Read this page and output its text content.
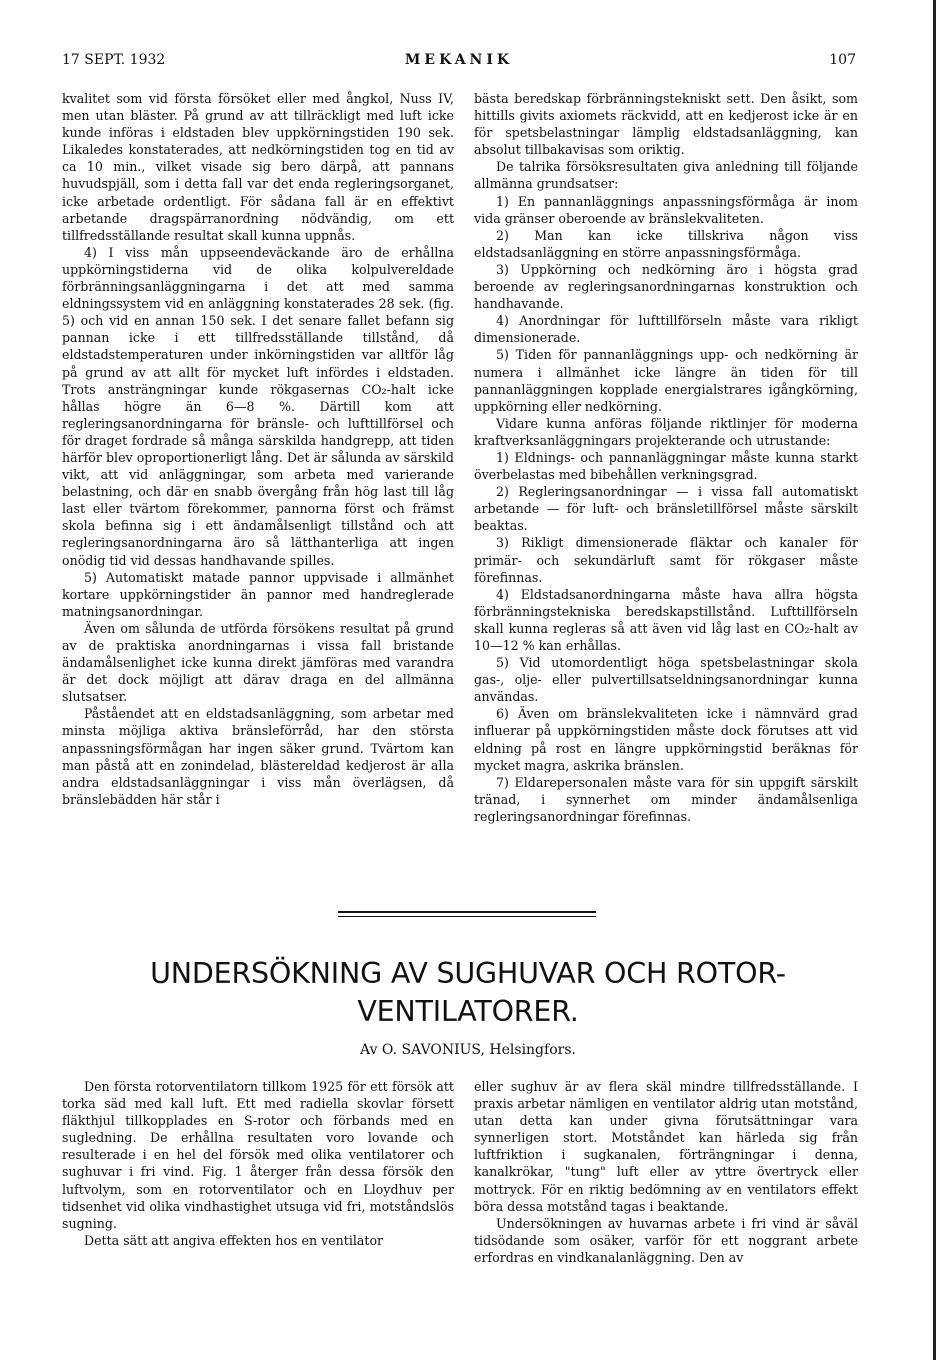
17 SEPT. 1932	MEKANIK	107

kvalitet som vid första försöket eller med ångkol, Nuss IV, men utan bläster. På grund av att tillräckligt med luft icke kunde införas i eldstaden blev uppkörningstiden 190 sek. Likaledes konstaterades, att nedkörningstiden tog en tid av ca 10 min., vilket visade sig bero därpå, att pannans huvudspjäll, som i detta fall var det enda regleringsorganet, icke arbetade ordentligt. För sådana fall är en effektivt arbetande dragspärranordning nödvändig, om ett tillfredsställande resultat skall kunna uppnås.

4) I viss mån uppseendeväckande äro de erhållna uppkörningstiderna vid de olika kolpulvereldade förbränningsanläggningarna i det att med samma eldningssystem vid en anläggning konstaterades 28 sek. (fig. 5) och vid en annan 150 sek. I det senare fallet befann sig pannan icke i ett tillfredsställande tillstånd, då eldstadstemperaturen under inkörningstiden var alltför låg på grund av att allt för mycket luft infördes i eldstaden. Trots ansträngningar kunde rökgasernas CO₂-halt icke hållas högre än 6—8 %. Därtill kom att regleringsanordningarna för bränsle- och lufttillförsel och för draget fordrade så många särskilda handgrepp, att tiden härför blev oproportionerligt lång. Det är sålunda av särskild vikt, att vid anläggningar, som arbeta med varierande belastning, och där en snabb övergång från hög last till låg last eller tvärtom förekommer, pannorna först och främst skola befinna sig i ett ändamålsenligt tillstånd och att regleringsanordningarna äro så lätthanterliga att ingen onödig tid vid dessas handhavande spilles.

5) Automatiskt matade pannor uppvisade i allmänhet kortare uppkörningstider än pannor med handreglerade matningsanordningar.

Även om sålunda de utförda försökens resultat på grund av de praktiska anordningarnas i vissa fall bristande ändamålsenlighet icke kunna direkt jämföras med varandra är det dock möjligt att därav draga en del allmänna slutsatser.

Påståendet att en eldstadsanläggning, som arbetar med minsta möjliga aktiva bränsleförråd, har den största anpassningsförmågan har ingen säker grund. Tvärtom kan man påstå att en zonindelad, blästereldad kedjerost är alla andra eldstadsanläggningar i viss mån överlägsen, då bränslebädden här står i

bästa beredskap förbränningstekniskt sett. Den åsikt, som hittills givits axiomets räckvidd, att en kedjerost icke är en för spetsbelastningar lämplig eldstadsanläggning, kan absolut tillbakavisas som oriktig.

De talrika försöksresultaten giva anledning till följande allmänna grundsatser:

1) En pannanläggnings anpassningsförmåga är inom vida gränser oberoende av bränslekvaliteten.

2) Man kan icke tillskriva någon viss eldstadsanläggning en större anpassningsförmåga.

3) Uppkörning och nedkörning äro i högsta grad beroende av regleringsanordningarnas konstruktion och handhavande.

4) Anordningar för lufttillförseln måste vara rikligt dimensionerade.

5) Tiden för pannanläggnings upp- och nedkörning är numera i allmänhet icke längre än tiden för till pannanläggningen kopplade energialstrares igångkörning, uppkörning eller nedkörning.

Vidare kunna anföras följande riktlinjer för moderna kraftverksanläggningars projekterande och utrustande:

1) Eldnings- och pannanläggningar måste kunna starkt överbelastas med bibehållen verkningsgrad.

2) Regleringsanordningar — i vissa fall automatiskt arbetande — för luft- och bränsletillförsel måste särskilt beaktas.

3) Rikligt dimensionerade fläktar och kanaler för primär- och sekundärluft samt för rökgaser måste förefinnas.

4) Eldstadsanordningarna måste hava allra högsta förbränningstekniska beredskapstillstånd. Lufttillförseln skall kunna regleras så att även vid låg last en CO₂-halt av 10—12 % kan erhållas.

5) Vid utomordentligt höga spetsbelastningar skola gas-, olje- eller pulvertillsatseldningsanordningar kunna användas.

6) Även om bränslekvaliteten icke i nämnvärd grad influerar på uppkörningstiden måste dock förutses att vid eldning på rost en längre uppkörningstid beräknas för mycket magra, askrika bränslen.

7) Eldarepersonalen måste vara för sin uppgift särskilt tränad, i synnerhet om minder ändamålsenliga regleringsanordningar förefinnas.

UNDERSÖKNING AV SUGHUVAR OCH ROTOR-
VENTILATORER.
Av O. SAVONIUS, Helsingfors.

Den första rotorventilatorn tillkom 1925 för ett försök att torka säd med kall luft. Ett med radiella skovlar försett fläkthjul tillkopplades en S-rotor och förbands med en sugledning. De erhållna resultaten voro lovande och resulterade i en hel del försök med olika ventilatorer och sughuvar i fri vind. Fig. 1 återger från dessa försök den luftvolym, som en rotorventilator och en Lloydhuv per tidsenhet vid olika vindhastighet utsuga vid fri, motståndslös sugning.

Detta sätt att angiva effekten hos en ventilator

eller sughuv är av flera skäl mindre tillfredsställande. I praxis arbetar nämligen en ventilator aldrig utan motstånd, utan detta kan under givna förutsättningar vara synnerligen stort. Motståndet kan härleda sig från luftfriktion i sugkanalen, förträngningar i denna, kanalkrökar, "tung" luft eller av yttre övertryck eller mottryck. För en riktig bedömning av en ventilators effekt böra dessa motstånd tagas i beaktande.

Undersökningen av huvarnas arbete i fri vind är såväl tidsödande som osäker, varför för ett noggrant arbete erfordras en vindkanalanläggning. Den av
